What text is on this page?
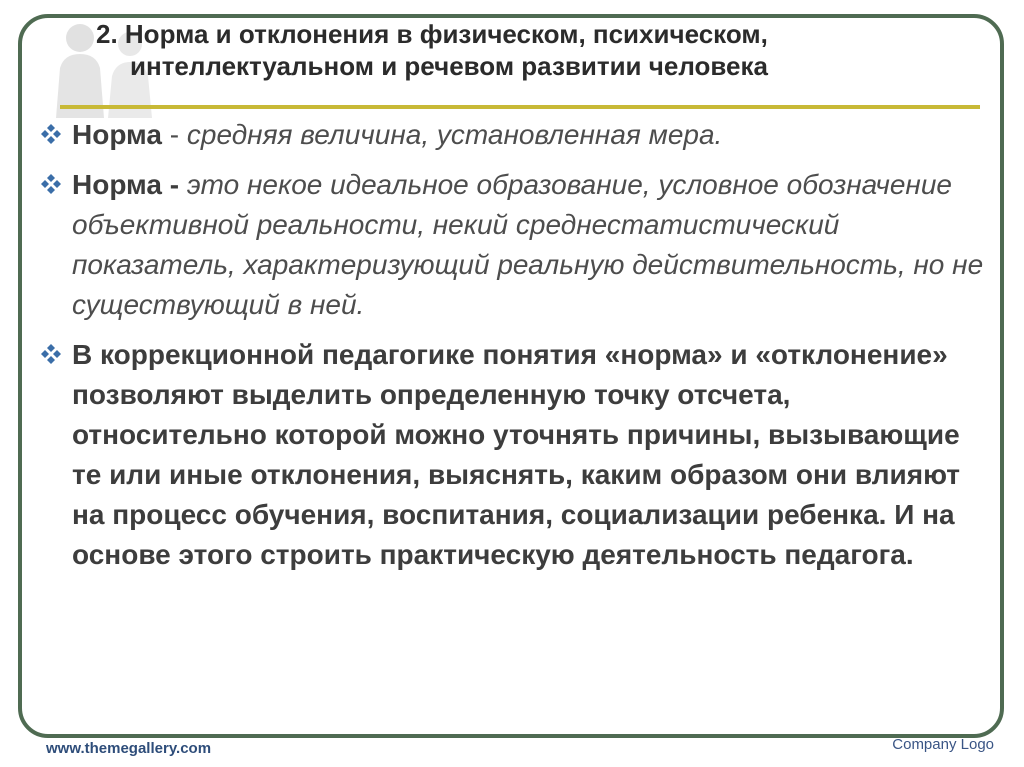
2. Норма и отклонения в физическом, психическом,
интеллектуальном и речевом развитии человека
Норма - средняя величина, установленная мера.
Норма - это некое идеальное образование, условное обозначение объективной реальности, некий среднестатистический показатель, характеризующий реальную действительность, но не существующий в ней.
В коррекционной педагогике понятия «норма» и «отклонение» позволяют выделить определенную точку отсчета, относительно которой можно уточнять причины, вызывающие те или иные отклонения, выяснять, каким образом они влияют на процесс обучения, воспитания, социализации ребенка. И на основе этого строить практическую деятельность педагога.
www.themegallery.com	Company Logo
